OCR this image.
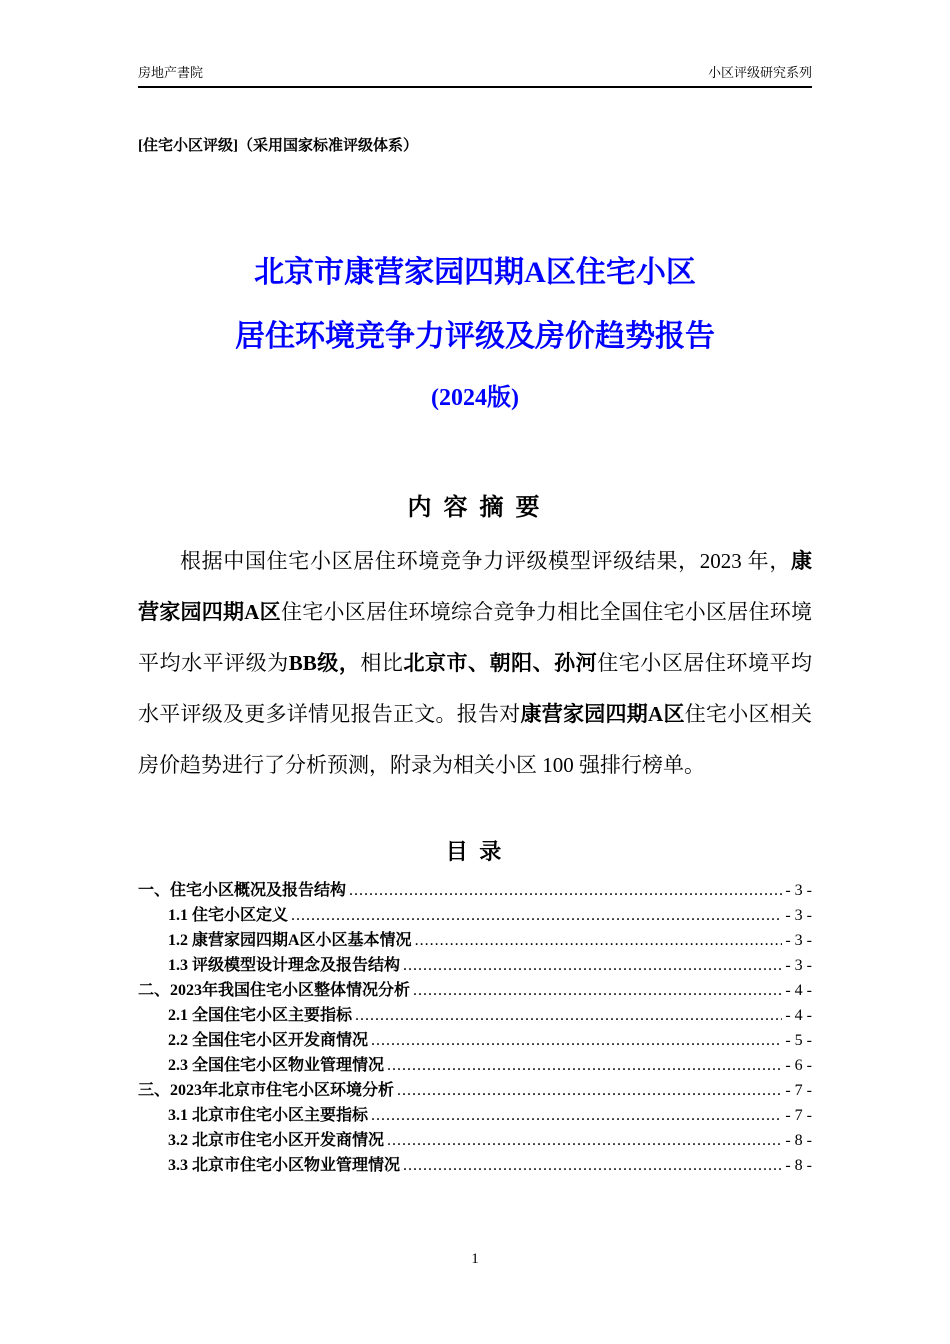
房地产書院	小区评级研究系列
[住宅小区评级]（采用国家标准评级体系）
北京市康营家园四期A区住宅小区
居住环境竞争力评级及房价趋势报告
(2024版)
内 容 摘 要

根据中国住宅小区居住环境竞争力评级模型评级结果，2023 年，康营家园四期A区住宅小区居住环境综合竞争力相比全国住宅小区居住环境平均水平评级为BB级，相比北京市、朝阳、孙河住宅小区居住环境平均水平评级及更多详情见报告正文。报告对康营家园四期A区住宅小区相关房价趋势进行了分析预测，附录为相关小区 100 强排行榜单。

目 录
一、住宅小区概况及报告结构 .....	- 3 -
1.1 住宅小区定义 .....	- 3 -
1.2 康营家园四期A区小区基本情况 .....	- 3 -
1.3 评级模型设计理念及报告结构 .....	- 3 -
二、2023年我国住宅小区整体情况分析 .....	- 4 -
2.1 全国住宅小区主要指标 .....	- 4 -
2.2 全国住宅小区开发商情况 .....	- 5 -
2.3 全国住宅小区物业管理情况 .....	- 6 -
三、2023年北京市住宅小区环境分析 .....	- 7 -
3.1 北京市住宅小区主要指标 .....	- 7 -
3.2 北京市住宅小区开发商情况 .....	- 8 -
3.3 北京市住宅小区物业管理情况 .....	- 8 -
1
